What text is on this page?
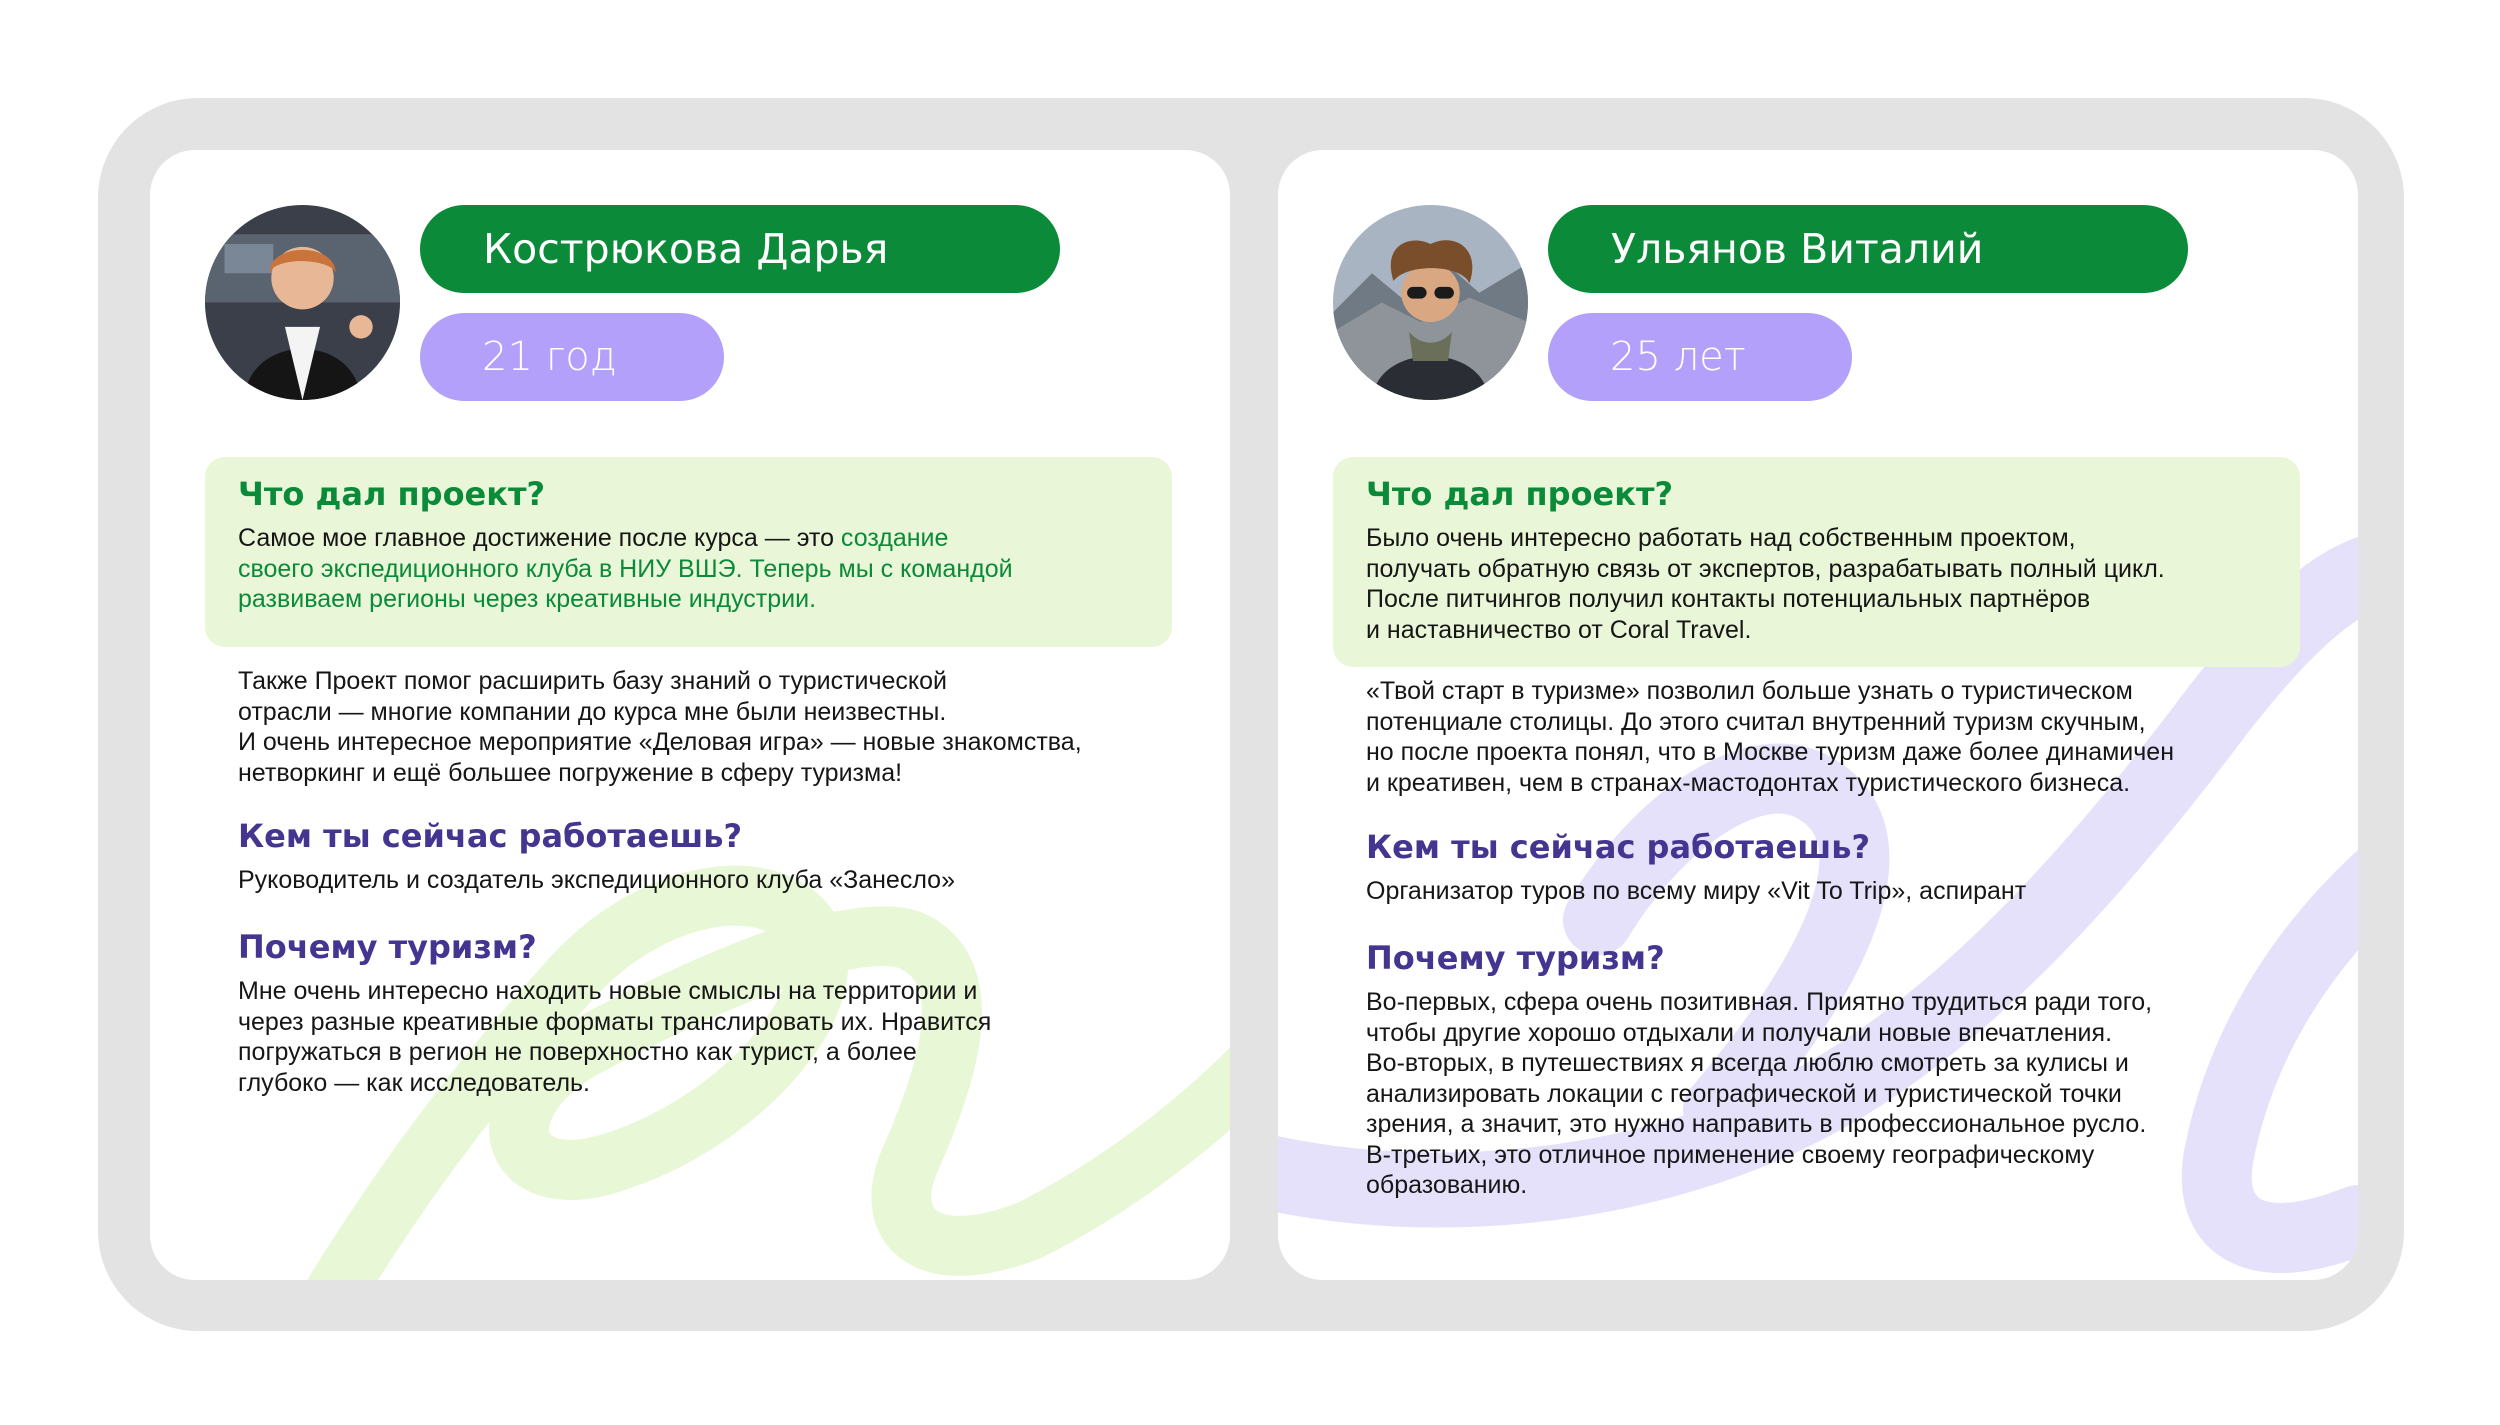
Кострюкова Дарья
21 год
Что дал проект?
Самое мое главное достижение после курса — это создание
своего экспедиционного клуба в НИУ ВШЭ. Теперь мы с командой
развиваем регионы через креативные индустрии.
Также Проект помог расширить базу знаний о туристической
отрасли — многие компании до курса мне были неизвестны.
И очень интересное мероприятие «Деловая игра» — новые знакомства,
нетворкинг и ещё большее погружение в сферу туризма!
Кем ты сейчас работаешь?
Руководитель и создатель экспедиционного клуба «Занесло»
Почему туризм?
Мне очень интересно находить новые смыслы на территории и
через разные креативные форматы транслировать их. Нравится
погружаться в регион не поверхностно как турист, а более
глубоко — как исследователь.
Ульянов Виталий
25 лет
Что дал проект?
Было очень интересно работать над собственным проектом,
получать обратную связь от экспертов, разрабатывать полный цикл.
После питчингов получил контакты потенциальных партнёров
и наставничество от Coral Travel.
«Твой старт в туризме» позволил больше узнать о туристическом
потенциале столицы. До этого считал внутренний туризм скучным,
но после проекта понял, что в Москве туризм даже более динамичен
и креативен, чем в странах-мастодонтах туристического бизнеса.
Кем ты сейчас работаешь?
Организатор туров по всему миру «Vit To Trip», аспирант
Почему туризм?
Во-первых, сфера очень позитивная. Приятно трудиться ради того,
чтобы другие хорошо отдыхали и получали новые впечатления.
Во-вторых, в путешествиях я всегда люблю смотреть за кулисы и
анализировать локации с географической и туристической точки
зрения, а значит, это нужно направить в профессиональное русло.
В-третьих, это отличное применение своему географическому
образованию.
